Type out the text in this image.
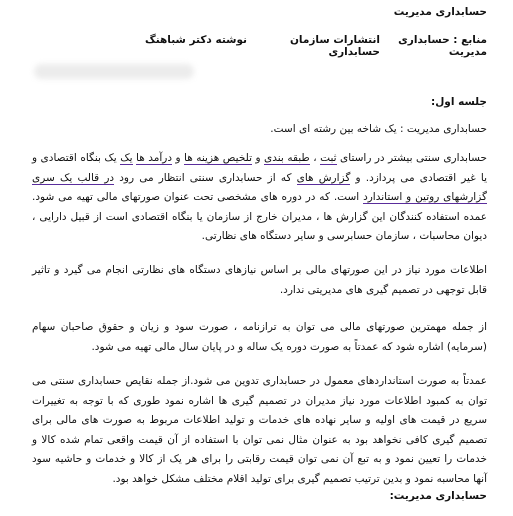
حسابداری مدیریت
منابع : حسابداری مدیریت
انتشارات سازمان حسابداری
نوشته دکتر شباهنگ
جلسه اول:
حسابداری مدیریت : یک شاخه بین رشته ای است.
حسابداری سنتی بیشتر در راستای ثبت ، طبقه بندی و تلخیص هزینه ها و درآمد ها یک یک بنگاه اقتصادی و یا غیر اقتصادی می پردازد. و گزارش های که از حسابداری سنتی انتظار می رود در قالب یک سری گزارشهای روتین و استاندارد است. که در دوره های مشخصی تحت عنوان صورتهای مالی تهیه می شود. عمده استفاده کنندگان این گزارش ها ، مدیران خارج از سازمان یا بنگاه اقتصادی است از قبیل دارایی ، دیوان محاسبات ، سازمان حسابرسی و سایر دستگاه های نظارتی.
اطلاعات مورد نیاز در این صورتهای مالی بر اساس نیازهای دستگاه های نظارتی انجام می گیرد و تاثیر قابل توجهی در تصمیم گیری های مدیریتی ندارد.
از جمله مهمترین صورتهای مالی می توان به ترازنامه ، صورت سود و زیان و حقوق صاحبان سهام (سرمایه) اشاره شود که عمدتاً به صورت دوره یک ساله و در پایان سال مالی تهیه می شود.
عمدتاً به صورت استانداردهای معمول در حسابداری تدوین می شود.از جمله نقایص حسابداری سنتی می توان به کمبود اطلاعات مورد نیاز مدیران در تصمیم گیری ها اشاره نمود طوری که با توجه به تغییرات سریع در قیمت های اولیه و سایر نهاده های خدمات و تولید اطلاعات مربوط به صورت های مالی برای تصمیم گیری کافی نخواهد بود به عنوان مثال نمی توان با استفاده از آن قیمت واقعی تمام شده کالا و خدمات را تعیین نمود و به تبع آن نمی توان قیمت رقابتی را برای هر یک از کالا و خدمات و حاشیه سود آنها محاسبه نمود و بدین ترتیب تصمیم گیری برای تولید اقلام مختلف مشکل خواهد بود.
حسابداری مدیریت:
